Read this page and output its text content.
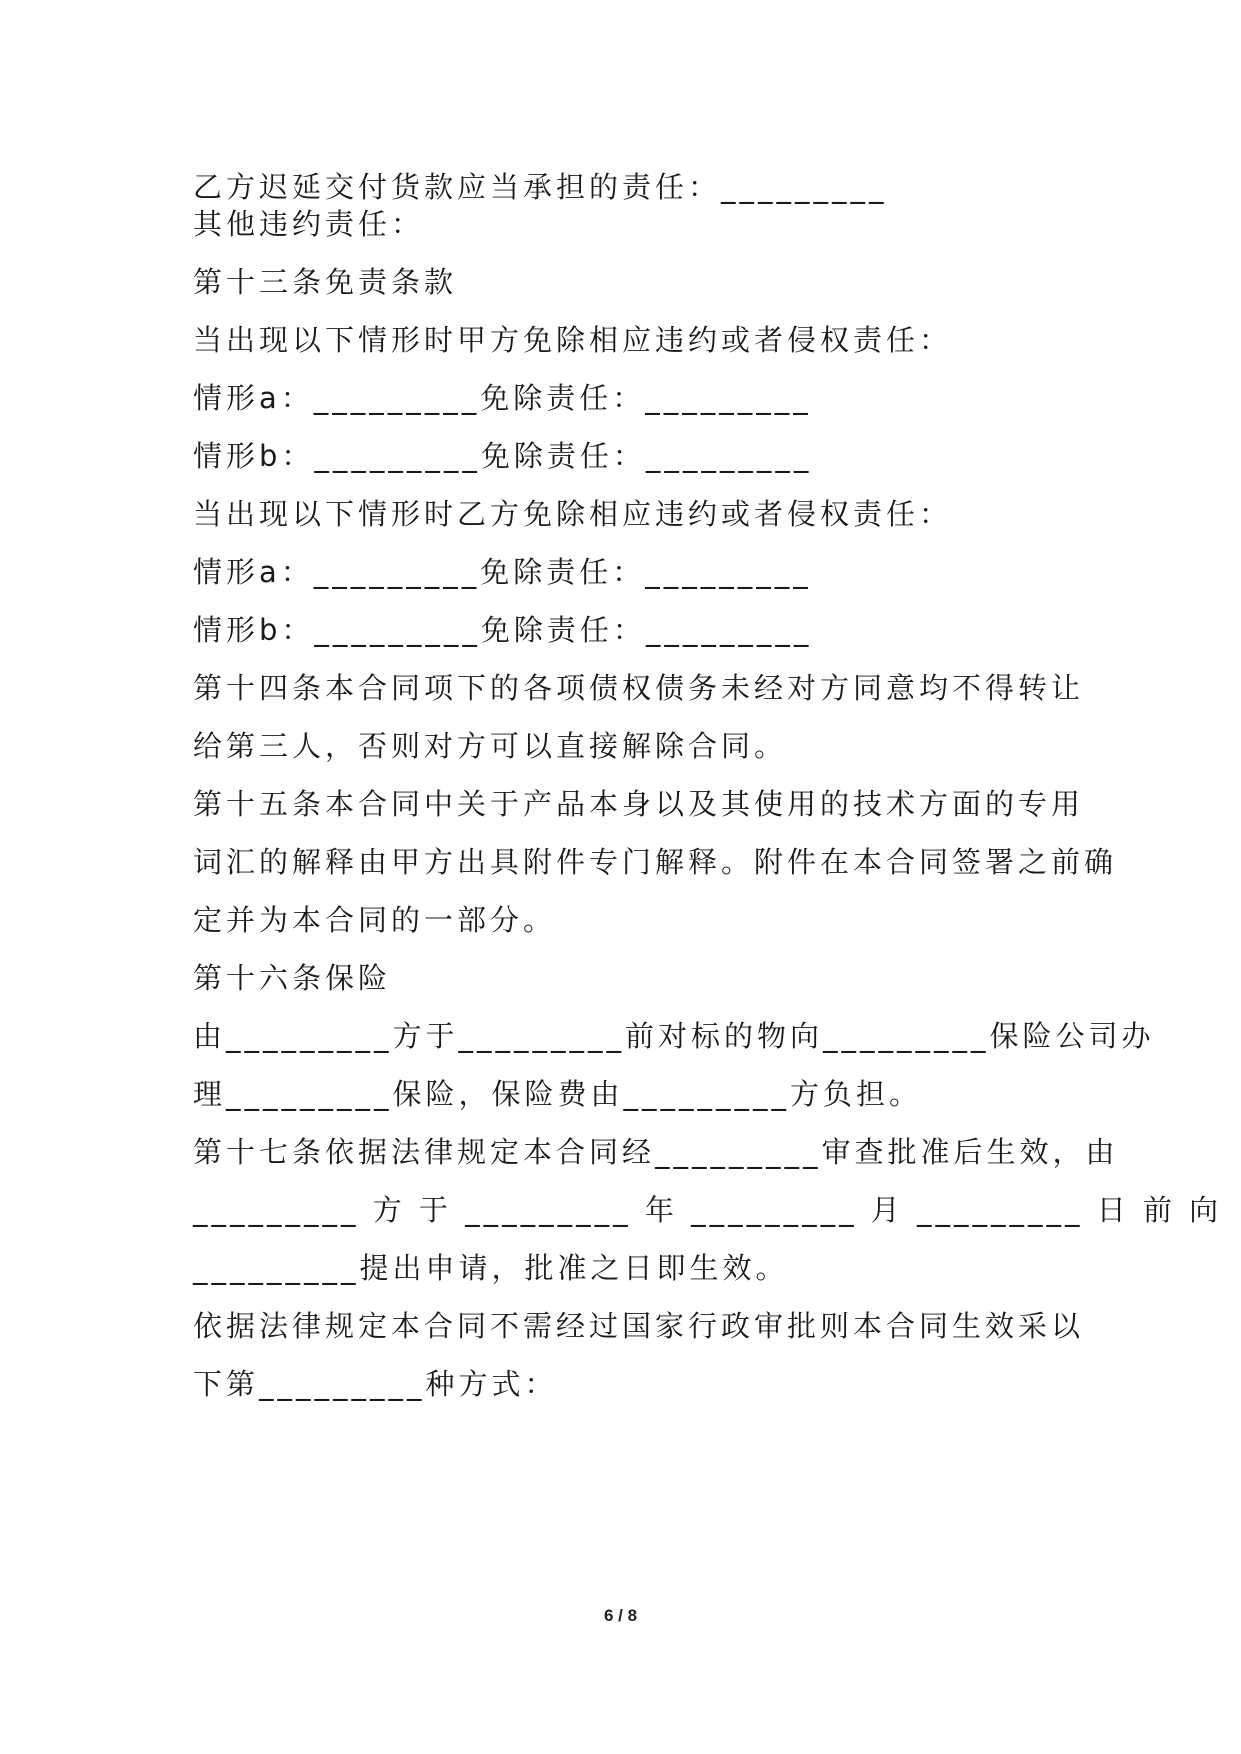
乙方迟延交付货款应当承担的责任：_________
其他违约责任：
第十三条免责条款
当出现以下情形时甲方免除相应违约或者侵权责任：
情形a：_________免除责任：_________
情形b：_________免除责任：_________
当出现以下情形时乙方免除相应违约或者侵权责任：
情形a：_________免除责任：_________
情形b：_________免除责任：_________
第十四条本合同项下的各项债权债务未经对方同意均不得转让
给第三人，否则对方可以直接解除合同。
第十五条本合同中关于产品本身以及其使用的技术方面的专用
词汇的解释由甲方出具附件专门解释。附件在本合同签署之前确
定并为本合同的一部分。
第十六条保险
由_________方于_________前对标的物向_________保险公司办
理_________保险，保险费由_________方负担。
第十七条依据法律规定本合同经_________审查批准后生效，由
_________ 方 于 _________ 年 _________ 月 _________ 日 前 向
_________提出申请，批准之日即生效。
依据法律规定本合同不需经过国家行政审批则本合同生效采以
下第_________种方式：
6 / 8
